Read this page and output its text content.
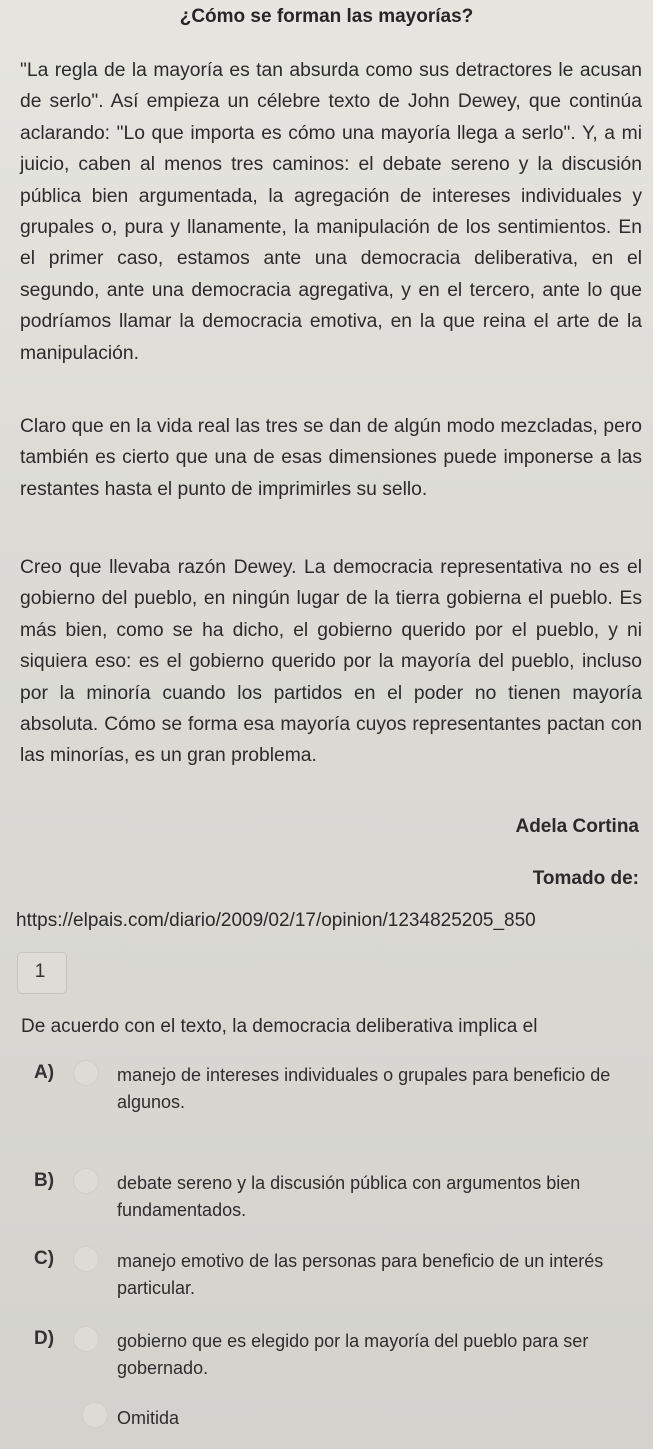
¿Cómo se forman las mayorías?
"La regla de la mayoría es tan absurda como sus detractores le acusan de serlo". Así empieza un célebre texto de John Dewey, que continúa aclarando: "Lo que importa es cómo una mayoría llega a serlo". Y, a mi juicio, caben al menos tres caminos: el debate sereno y la discusión pública bien argumentada, la agregación de intereses individuales y grupales o, pura y llanamente, la manipulación de los sentimientos. En el primer caso, estamos ante una democracia deliberativa, en el segundo, ante una democracia agregativa, y en el tercero, ante lo que podríamos llamar la democracia emotiva, en la que reina el arte de la manipulación.
Claro que en la vida real las tres se dan de algún modo mezcladas, pero también es cierto que una de esas dimensiones puede imponerse a las restantes hasta el punto de imprimirles su sello.
Creo que llevaba razón Dewey. La democracia representativa no es el gobierno del pueblo, en ningún lugar de la tierra gobierna el pueblo. Es más bien, como se ha dicho, el gobierno querido por el pueblo, y ni siquiera eso: es el gobierno querido por la mayoría del pueblo, incluso por la minoría cuando los partidos en el poder no tienen mayoría absoluta. Cómo se forma esa mayoría cuyos representantes pactan con las minorías, es un gran problema.
Adela Cortina
Tomado de:
https://elpais.com/diario/2009/02/17/opinion/1234825205_850
1
De acuerdo con el texto, la democracia deliberativa implica el
A)	manejo de intereses individuales o grupales para beneficio de algunos.
B)	debate sereno y la discusión pública con argumentos bien fundamentados.
C)	manejo emotivo de las personas para beneficio de un interés particular.
D)	gobierno que es elegido por la mayoría del pueblo para ser gobernado.
Omitida
